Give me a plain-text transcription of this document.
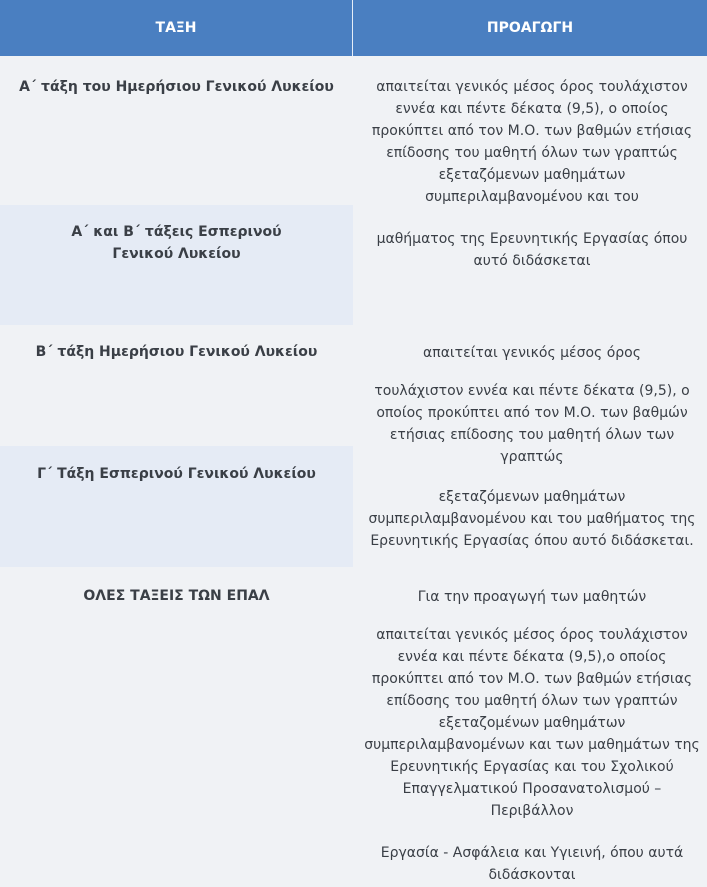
ΤΑΞΗ	ΠΡΟΑΓΩΓΗ
Α΄ τάξη του Ημερήσιου Γενικού Λυκείου
Α΄ και Β΄ τάξεις Εσπερινού Γενικού Λυκείου
Β΄ τάξη Ημερήσιου Γενικού Λυκείου
Γ΄ Τάξη Εσπερινού Γενικού Λυκείου
ΟΛΕΣ ΤΑΞΕΙΣ ΤΩΝ ΕΠΑΛ
απαιτείται γενικός μέσος όρος τουλάχιστον εννέα και πέντε δέκατα (9,5), ο οποίος προκύπτει από τον Μ.Ο. των βαθμών ετήσιας επίδοσης του μαθητή όλων των γραπτώς εξεταζόμενων μαθημάτων συμπεριλαμβανομένου και του
μαθήματος της Ερευνητικής Εργασίας όπου αυτό διδάσκεται
απαιτείται γενικός μέσος όρος
τουλάχιστον εννέα και πέντε δέκατα (9,5), ο οποίος προκύπτει από τον Μ.Ο. των βαθμών ετήσιας επίδοσης του μαθητή όλων των γραπτώς
εξεταζόμενων μαθημάτων συμπεριλαμβανομένου και του μαθήματος της Ερευνητικής Εργασίας όπου αυτό διδάσκεται.
Για την προαγωγή των μαθητών
απαιτείται γενικός μέσος όρος τουλάχιστον εννέα και πέντε δέκατα (9,5),ο οποίος προκύπτει από τον Μ.Ο. των βαθμών ετήσιας επίδοσης του μαθητή όλων των γραπτών εξεταζομένων μαθημάτων συμπεριλαμβανομένων και των μαθημάτων της Ερευνητικής Εργασίας και του Σχολικού Επαγγελματικού Προσανατολισμού – Περιβάλλον
Εργασία - Ασφάλεια και Υγιεινή, όπου αυτά διδάσκονται
